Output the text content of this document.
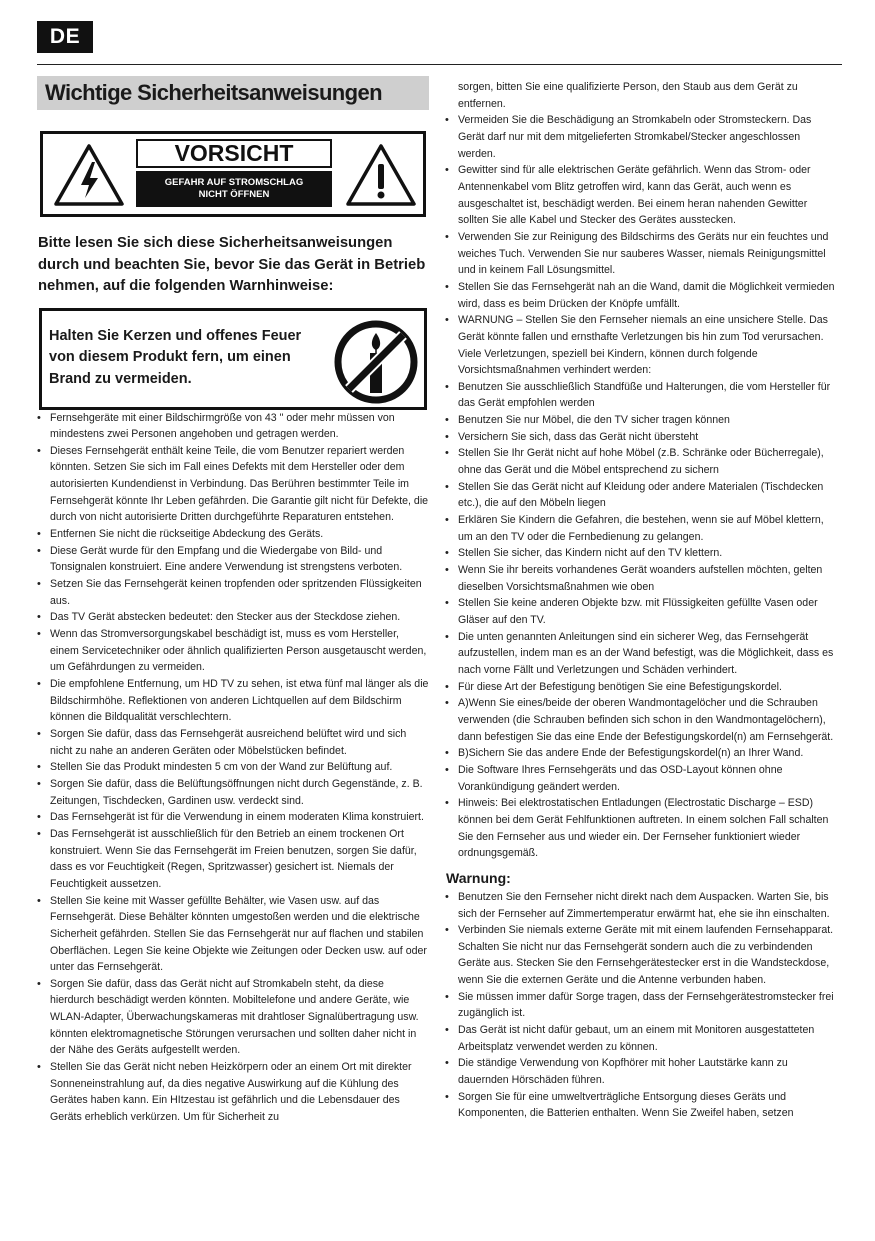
DE
Wichtige Sicherheitsanweisungen
VORSICHT
GEFAHR AUF STROMSCHLAG
NICHT ÖFFNEN
Bitte lesen Sie sich diese Sicherheitsanweisungen durch und beachten Sie, bevor Sie das Gerät in Betrieb nehmen, auf die folgenden Warnhinweise:
Halten Sie Kerzen und offenes Feuer von diesem Produkt fern, um einen Brand zu vermeiden.
• Fernsehgeräte mit einer Bildschirmgröße von 43 " oder mehr müssen von mindestens zwei Personen angehoben und getragen werden.
• Dieses Fernsehgerät enthält keine Teile, die vom Benutzer repariert werden könnten. Setzen Sie sich im Fall eines Defekts mit dem Hersteller oder dem autorisierten Kundendienst in Verbindung. Das Berühren bestimmter Teile im Fernsehgerät könnte Ihr Leben gefährden. Die Garantie gilt nicht für Defekte, die durch von nicht autorisierte Dritten durchgeführte Reparaturen entstehen.
• Entfernen Sie nicht die rückseitige Abdeckung des Geräts.
• Diese Gerät wurde für den Empfang und die Wiedergabe von Bild- und Tonsignalen konstruiert. Eine andere Verwendung ist strengstens verboten.
• Setzen Sie das Fernsehgerät keinen tropfenden oder spritzenden Flüssigkeiten aus.
• Das TV Gerät abstecken bedeutet: den Stecker aus der Steckdose ziehen.
• Wenn das Stromversorgungskabel beschädigt ist, muss es vom Hersteller, einem Servicetechniker oder ähnlich qualifizierten Person ausgetauscht werden, um Gefährdungen zu vermeiden.
• Die empfohlene Entfernung, um HD TV zu sehen, ist etwa fünf mal länger als die Bildschirmhöhe. Reflektionen von anderen Lichtquellen auf dem Bildschirm können die Bildqualität verschlechtern.
• Sorgen Sie dafür, dass das Fernsehgerät ausreichend belüftet wird und sich nicht zu nahe an anderen Geräten oder Möbelstücken befindet.
• Stellen Sie das Produkt mindesten 5 cm von der Wand zur Belüftung auf.
• Sorgen Sie dafür, dass die Belüftungsöffnungen nicht durch Gegenstände, z. B. Zeitungen, Tischdecken, Gardinen usw. verdeckt sind.
• Das Fernsehgerät ist für die Verwendung in einem moderaten Klima konstruiert.
• Das Fernsehgerät ist ausschließlich für den Betrieb an einem trockenen Ort konstruiert. Wenn Sie das Fernsehgerät im Freien benutzen, sorgen Sie dafür, dass es vor Feuchtigkeit (Regen, Spritzwasser) gesichert ist. Niemals der Feuchtigkeit aussetzen.
• Stellen Sie keine mit Wasser gefüllte Behälter, wie Vasen usw. auf das Fernsehgerät. Diese Behälter könnten umgestoßen werden und die elektrische Sicherheit gefährden. Stellen Sie das Fernsehgerät nur auf flachen und stabilen Oberflächen. Legen Sie keine Objekte wie Zeitungen oder Decken usw. auf oder unter das Fernsehgerät.
• Sorgen Sie dafür, dass das Gerät nicht auf Stromkabeln steht, da diese hierdurch beschädigt werden könnten. Mobiltelefone und andere Geräte, wie WLAN-Adapter, Überwachungskameras mit drahtloser Signalübertragung usw. könnten elektromagnetische Störungen verursachen und sollten daher nicht in der Nähe des Geräts aufgestellt werden.
• Stellen Sie das Gerät nicht neben Heizkörpern oder an einem Ort mit direkter Sonneneinstrahlung auf, da dies negative Auswirkung auf die Kühlung des Gerätes haben kann. Ein HItzestau ist gefährlich und die Lebensdauer des Geräts erheblich verkürzen. Um für Sicherheit zu
sorgen, bitten Sie eine qualifizierte Person, den Staub aus dem Gerät zu entfernen.
• Vermeiden Sie die Beschädigung an Stromkabeln oder Stromsteckern. Das Gerät darf nur mit dem mitgelieferten Stromkabel/Stecker angeschlossen werden.
• Gewitter sind für alle elektrischen Geräte gefährlich. Wenn das Strom- oder Antennenkabel vom Blitz getroffen wird, kann das Gerät, auch wenn es ausgeschaltet ist, beschädigt werden. Bei einem heran nahenden Gewitter sollten Sie alle Kabel und Stecker des Gerätes ausstecken.
• Verwenden Sie zur Reinigung des Bildschirms des Geräts nur ein feuchtes und weiches Tuch. Verwenden Sie nur sauberes Wasser, niemals Reinigungsmittel und in keinem Fall Lösungsmittel.
• Stellen Sie das Fernsehgerät nah an die Wand, damit die Möglichkeit vermieden wird, dass es beim Drücken der Knöpfe umfällt.
• WARNUNG – Stellen Sie den Fernseher niemals an eine unsichere Stelle. Das Gerät könnte fallen und ernsthafte Verletzungen bis hin zum Tod verursachen. Viele Verletzungen, speziell bei Kindern, können durch folgende Vorsichtsmaßnahmen verhindert werden:
• Benutzen Sie ausschließlich Standfüße und Halterungen, die vom Hersteller für das Gerät empfohlen werden
• Benutzen Sie nur Möbel, die den TV sicher tragen können
• Versichern Sie sich, dass das Gerät nicht übersteht
• Stellen Sie Ihr Gerät nicht auf hohe Möbel (z.B. Schränke oder Bücherregale), ohne das Gerät und die Möbel entsprechend zu sichern
• Stellen Sie das Gerät nicht auf Kleidung oder andere Materialen (Tischdecken etc.), die auf den Möbeln liegen
• Erklären Sie Kindern die Gefahren, die bestehen, wenn sie auf Möbel klettern, um an den TV oder die Fernbedienung zu gelangen.
• Stellen Sie sicher, das Kindern nicht auf den TV klettern.
• Wenn Sie ihr bereits vorhandenes Gerät woanders aufstellen möchten, gelten dieselben Vorsichtsmaßnahmen wie oben
• Stellen Sie keine anderen Objekte bzw. mit Flüssigkeiten gefüllte Vasen oder Gläser auf den TV.
• Die unten genannten Anleitungen sind ein sicherer Weg, das Fernsehgerät aufzustellen, indem man es an der Wand befestigt, was die Möglichkeit, dass es nach vorne Fällt und Verletzungen und Schäden verhindert.
• Für diese Art der Befestigung benötigen Sie eine Befestigungskordel.
• A)Wenn Sie eines/beide der oberen Wandmontagelöcher und die Schrauben verwenden (die Schrauben befinden sich schon in den Wandmontagelöchern), dann befestigen Sie das eine Ende der Befestigungskordel(n) am Fernsehgerät.
• B)Sichern Sie das andere Ende der Befestigungskordel(n) an Ihrer Wand.
• Die Software Ihres Fernsehgeräts und das OSD-Layout können ohne Vorankündigung geändert werden.
• Hinweis: Bei elektrostatischen Entladungen (Electrostatic Discharge – ESD) können bei dem Gerät Fehlfunktionen auftreten. In einem solchen Fall schalten Sie den Fernseher aus und wieder ein. Der Fernseher funktioniert wieder ordnungsgemäß.
Warnung:
• Benutzen Sie den Fernseher nicht direkt nach dem Auspacken. Warten Sie, bis sich der Fernseher auf Zimmertemperatur erwärmt hat, ehe sie ihn einschalten.
• Verbinden Sie niemals externe Geräte mit mit einem laufenden Fernsehapparat. Schalten Sie nicht nur das Fernsehgerät sondern auch die zu verbindenden Geräte aus. Stecken Sie den Fernsehgerätestecker erst in die Wandsteckdose, wenn Sie die externen Geräte und die Antenne verbunden haben.
• Sie müssen immer dafür Sorge tragen, dass der Fernsehgerätestromstecker frei zugänglich ist.
• Das Gerät ist nicht dafür gebaut, um an einem mit Monitoren ausgestatteten Arbeitsplatz verwendet werden zu können.
• Die ständige Verwendung von Kopfhörer mit hoher Lautstärke kann zu dauernden Hörschäden führen.
• Sorgen Sie für eine umweltverträgliche Entsorgung dieses Geräts und Komponenten, die Batterien enthalten. Wenn Sie Zweifel haben, setzen
